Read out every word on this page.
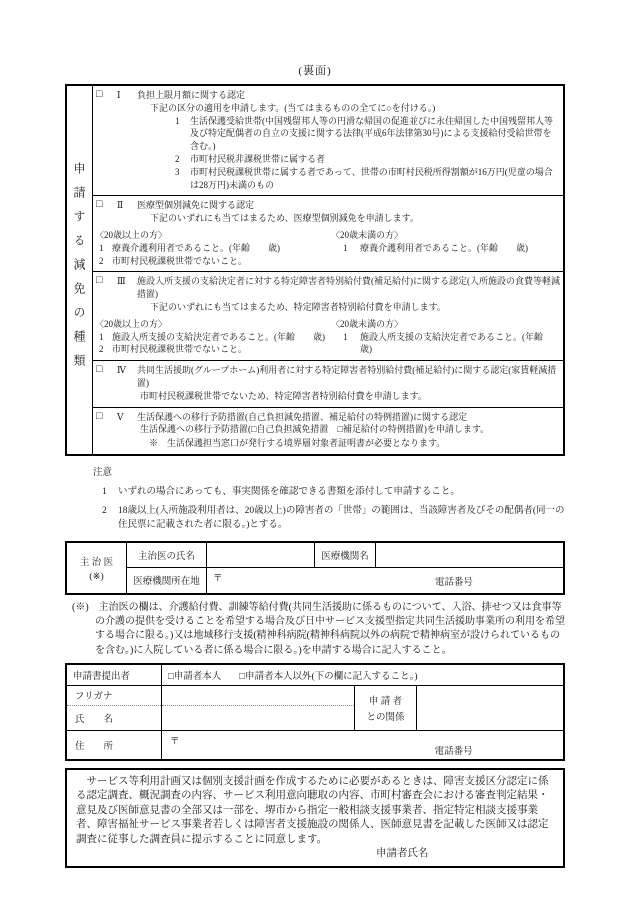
(裏面)
申請する減免の種類
□	Ⅰ	負担上限月額に関する認定
下記の区分の適用を申請します。(当てはまるものの全てに○を付ける。)
1	生活保護受給世帯(中国残留邦人等の円滑な帰国の促進並びに永住帰国した中国残留邦人等及び特定配偶者の自立の支援に関する法律(平成6年法律第30号)による支援給付受給世帯を含む。)
2	市町村民税非課税世帯に属する者
3	市町村民税課税世帯に属する者であって、世帯の市町村民税所得割額が16万円(児童の場合は28万円)未満のもの
□	Ⅱ	医療型個別減免に関する認定
下記のいずれにも当てはまるため、医療型個別減免を申請します。
〈20歳以上の方〉
1 療養介護利用者であること。(年齢　　歳)
2 市町村民税課税世帯でないこと。
〈20歳未満の方〉
1	療養介護利用者であること。(年齢　　歳)
□	Ⅲ	施設入所支援の支給決定者に対する特定障害者特別給付費(補足給付)に関する認定(入所施設の食費等軽減措置)
下記のいずれにも当てはまるため、特定障害者特別給付費を申請します。
〈20歳以上の方〉
1 施設入所支援の支給決定者であること。(年齢　　歳)
2 市町村民税課税世帯でないこと。
〈20歳未満の方〉
1	施設入所支援の支給決定者であること。(年齢　　歳)
□	Ⅳ	共同生活援助(グループホーム)利用者に対する特定障害者特別給付費(補足給付)に関する認定(家賃軽減措置)
市町村民税課税世帯でないため、特定障害者特別給付費を申請します。
□	Ⅴ	生活保護への移行予防措置(自己負担減免措置、補足給付の特例措置)に関する認定
生活保護への移行予防措置(□自己負担減免措置　□補足給付の特例措置)を申請します。
※　生活保護担当窓口が発行する境界層対象者証明書が必要となります。
注意
1	いずれの場合にあっても、事実関係を確認できる書類を添付して申請すること。
2	18歳以上(入所施設利用者は、20歳以上)の障害者の「世帯」の範囲は、当該障害者及びその配偶者(同一の住民票に記載された者に限る。)とする。
主 治 医
(※)
主治医の氏名	医療機関名
医療機関所在地	〒	電話番号
(※)　 主治医の欄は、介護給付費、訓練等給付費(共同生活援助に係るものについて、入浴、排せつ又は食事等の介護の提供を受けることを希望する場合及び日中サービス支援型指定共同生活援助事業所の利用を希望する場合に限る。)又は地域移行支援(精神科病院(精神科病院以外の病院で精神病室が設けられているものを含む。)に入院している者に係る場合に限る。)を申請する場合に記入すること。
申請書提出者	□申請者本人 □申請者本人以外(下の欄に記入すること。)
フリガナ
氏　　名
申 請 者
との関係
住　　所	〒
電話番号
サービス等利用計画又は個別支援計画を作成するために必要があるときは、障害支援区分認定に係る認定調査、概況調査の内容、サービス利用意向聴取の内容、市町村審査会における審査判定結果・意見及び医師意見書の全部又は一部を、堺市から指定一般相談支援事業者、指定特定相談支援事業者、障害福祉サービス事業者若しくは障害者支援施設の関係人、医師意見書を記載した医師又は認定調査に従事した調査員に提示することに同意します。
申請者氏名
